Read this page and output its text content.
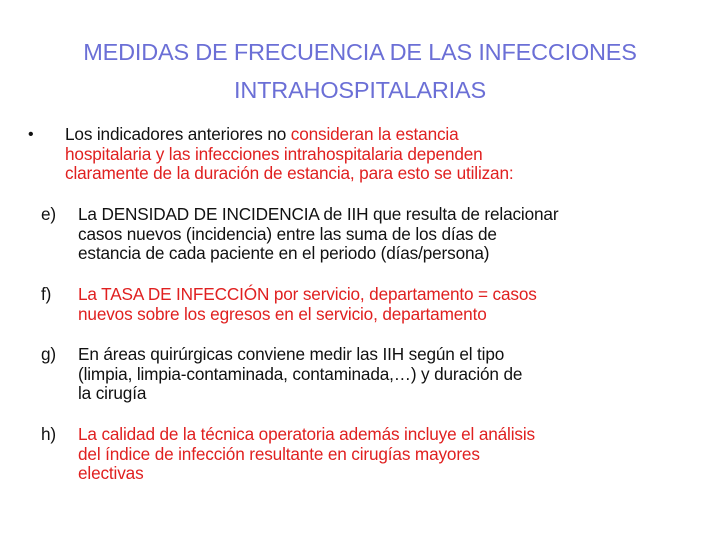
MEDIDAS DE FRECUENCIA DE LAS INFECCIONES
INTRAHOSPITALARIAS
• Los indicadores anteriores no consideran la estancia
hospitalaria y las infecciones intrahospitalaria dependen
claramente de la duración de estancia, para esto se utilizan:
e) La DENSIDAD DE INCIDENCIA de IIH que resulta de relacionar
casos nuevos (incidencia) entre las suma de los días de
estancia de cada paciente en el periodo (días/persona)
f) La TASA DE INFECCIÓN por servicio, departamento = casos
nuevos sobre los egresos en el servicio, departamento
g) En áreas quirúrgicas conviene medir las IIH según el tipo
(limpia, limpia-contaminada, contaminada,…) y duración de
la cirugía
h) La calidad de la técnica operatoria además incluye el análisis
del índice de infección resultante en cirugías mayores
electivas
